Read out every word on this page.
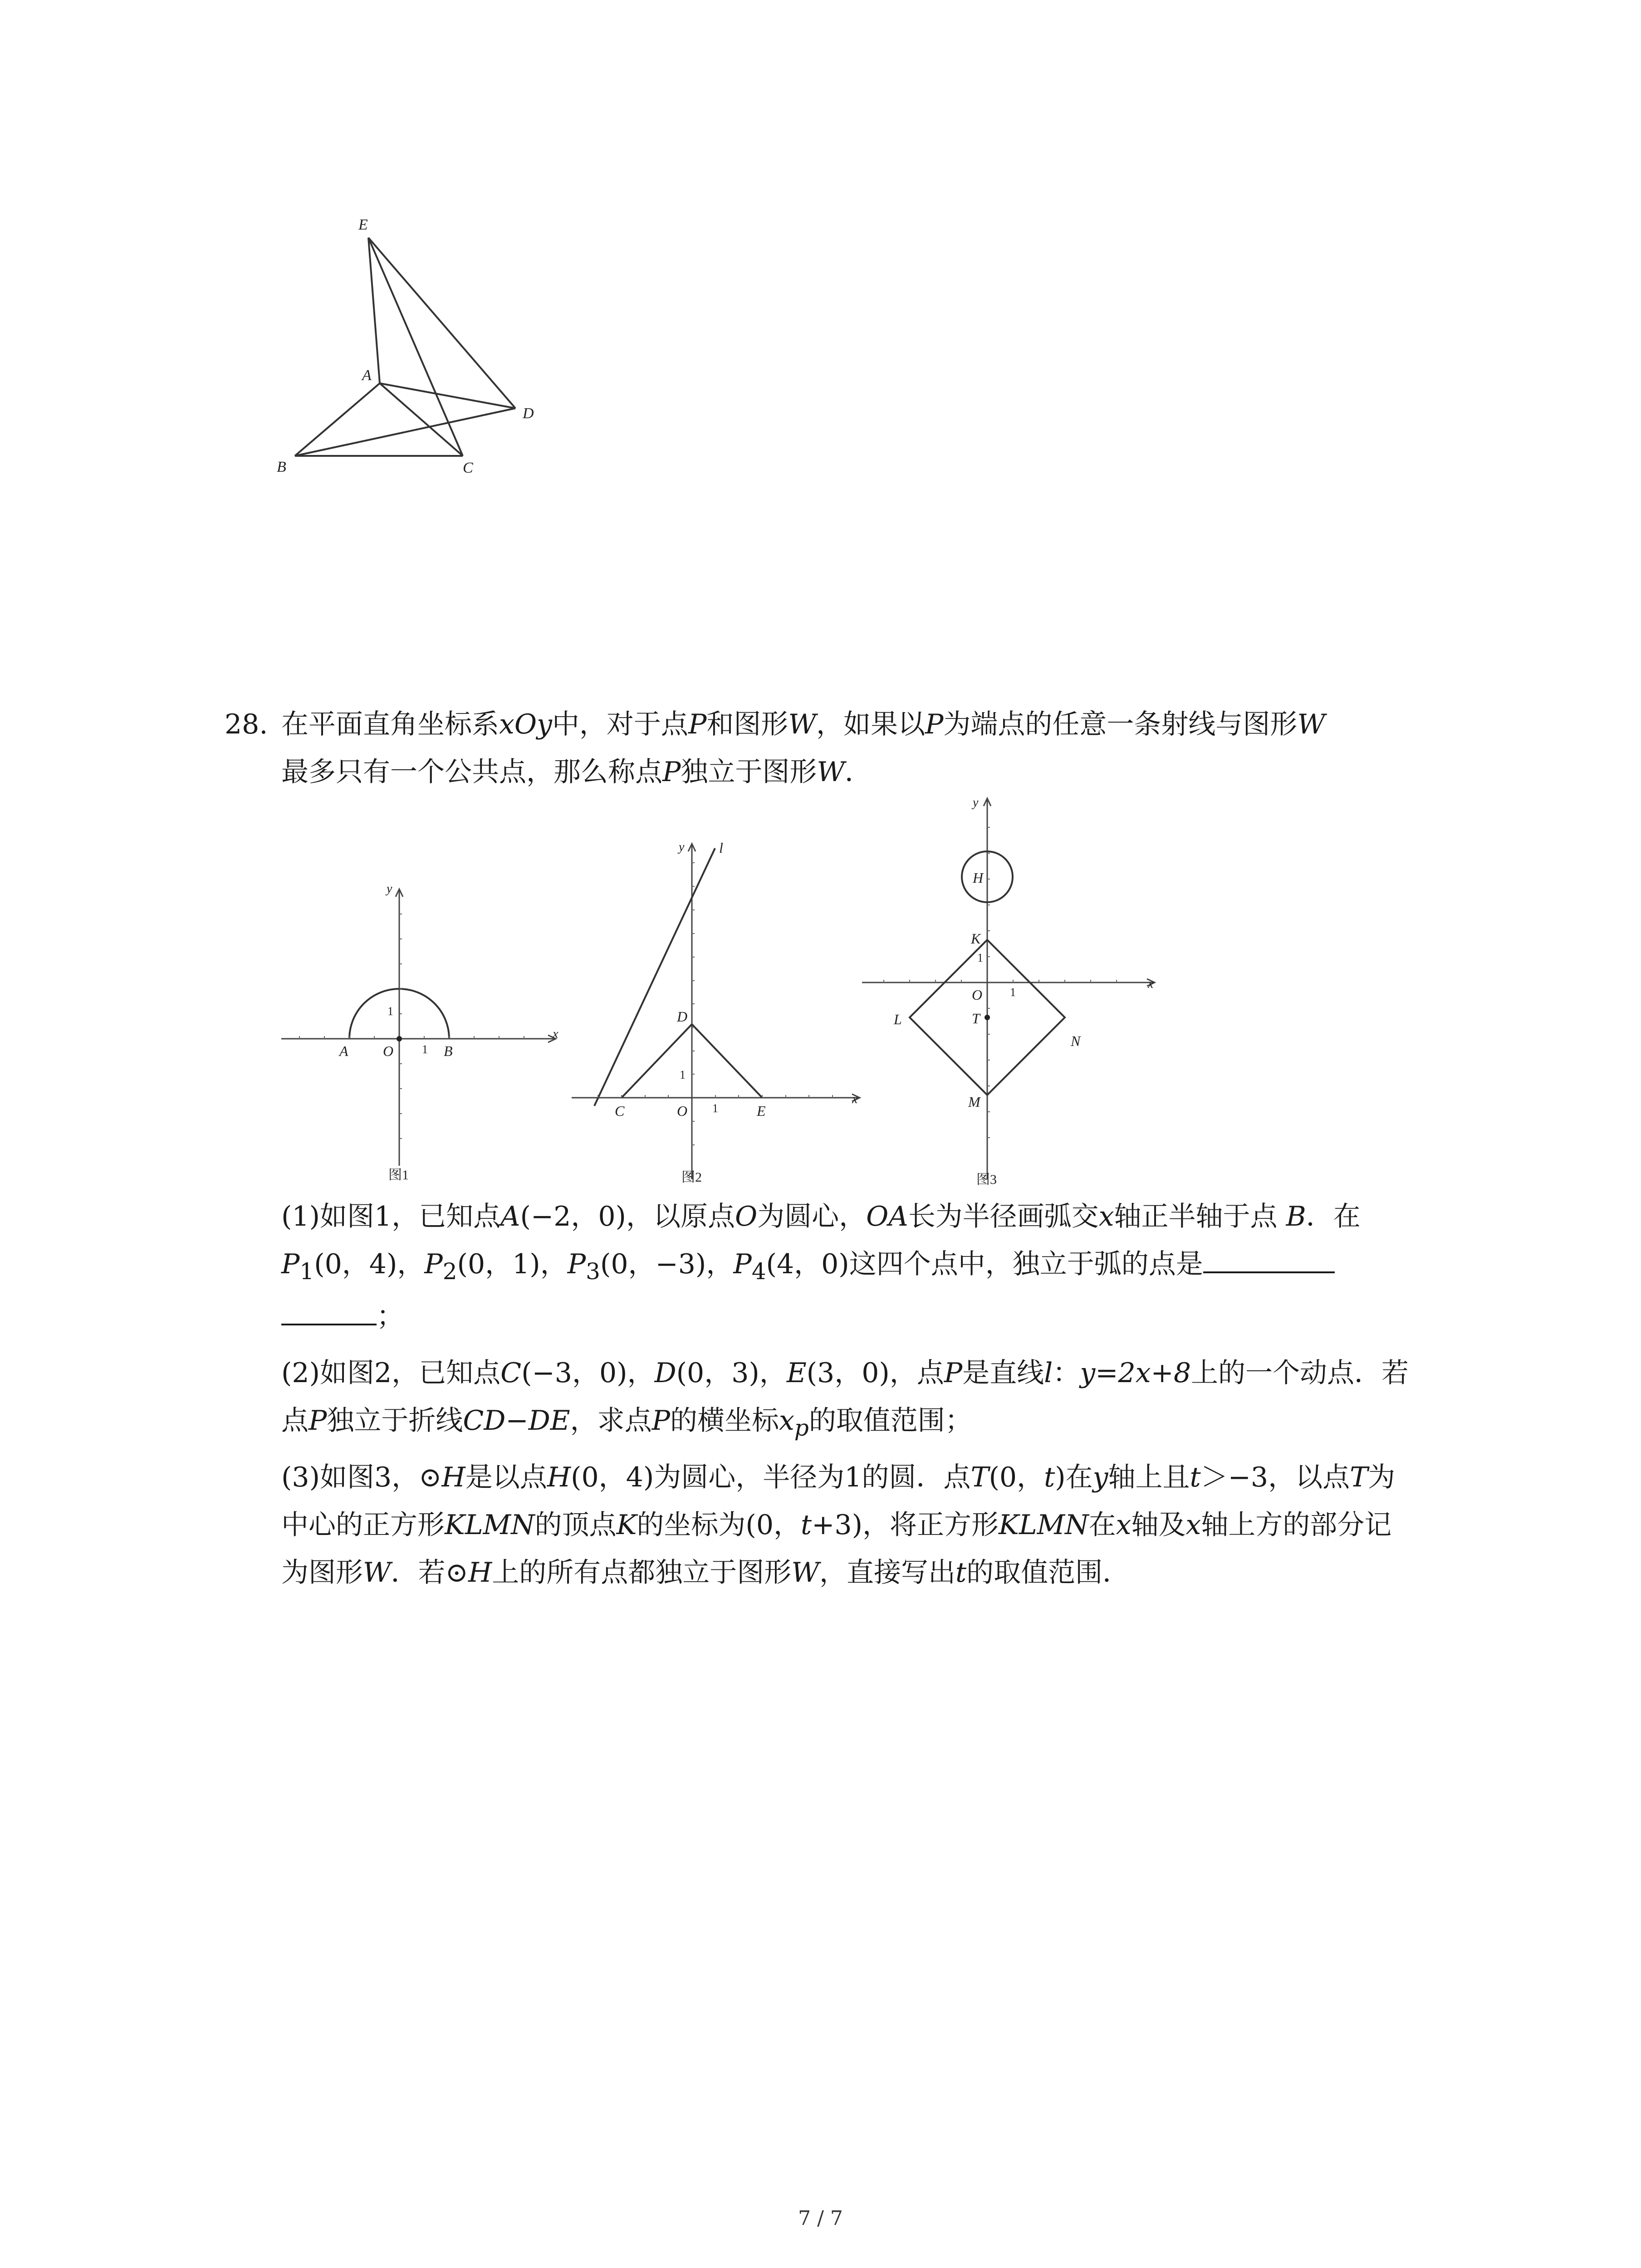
E
A
D
B	C
28. 在平面直角坐标系xOy中，对于点P和图形W，如果以P为端点的任意一条射线与图形W
最多只有一个公共点，那么称点P独立于图形W．
x
y
A O 1 B
1
图1
x
y l
C	O 1	E
D
1
图2
x
y
H
K
1
O 1
L	T
N
M
图3
(1)如图1，已知点A(−2，0)，以原点O为圆心，OA长为半径画弧交x轴正半轴于点 B．在
$P_1(0$，4)，$P_2(0$，1)，$P_3(0$，−3)，$P_4(4$，0)这四个点中，独立于弧的点是
；
(2)如图2，已知点C(−3，0)，D(0，3)，E(3，0)，点P是直线l：y=2x+8上的一个动点．若
点P独立于折线CD−DE，求点P的横坐标$x_p$的取值范围；
(3)如图3，⊙H是以点H(0，4)为圆心，半径为1的圆．点T(0，t)在y轴上且t＞−3，以点T为
中心的正方形KLMN的顶点K的坐标为(0，t+3)，将正方形KLMN在x轴及x轴上方的部分记
为图形W．若⊙H上的所有点都独立于图形W，直接写出t的取值范围．
7 / 7
